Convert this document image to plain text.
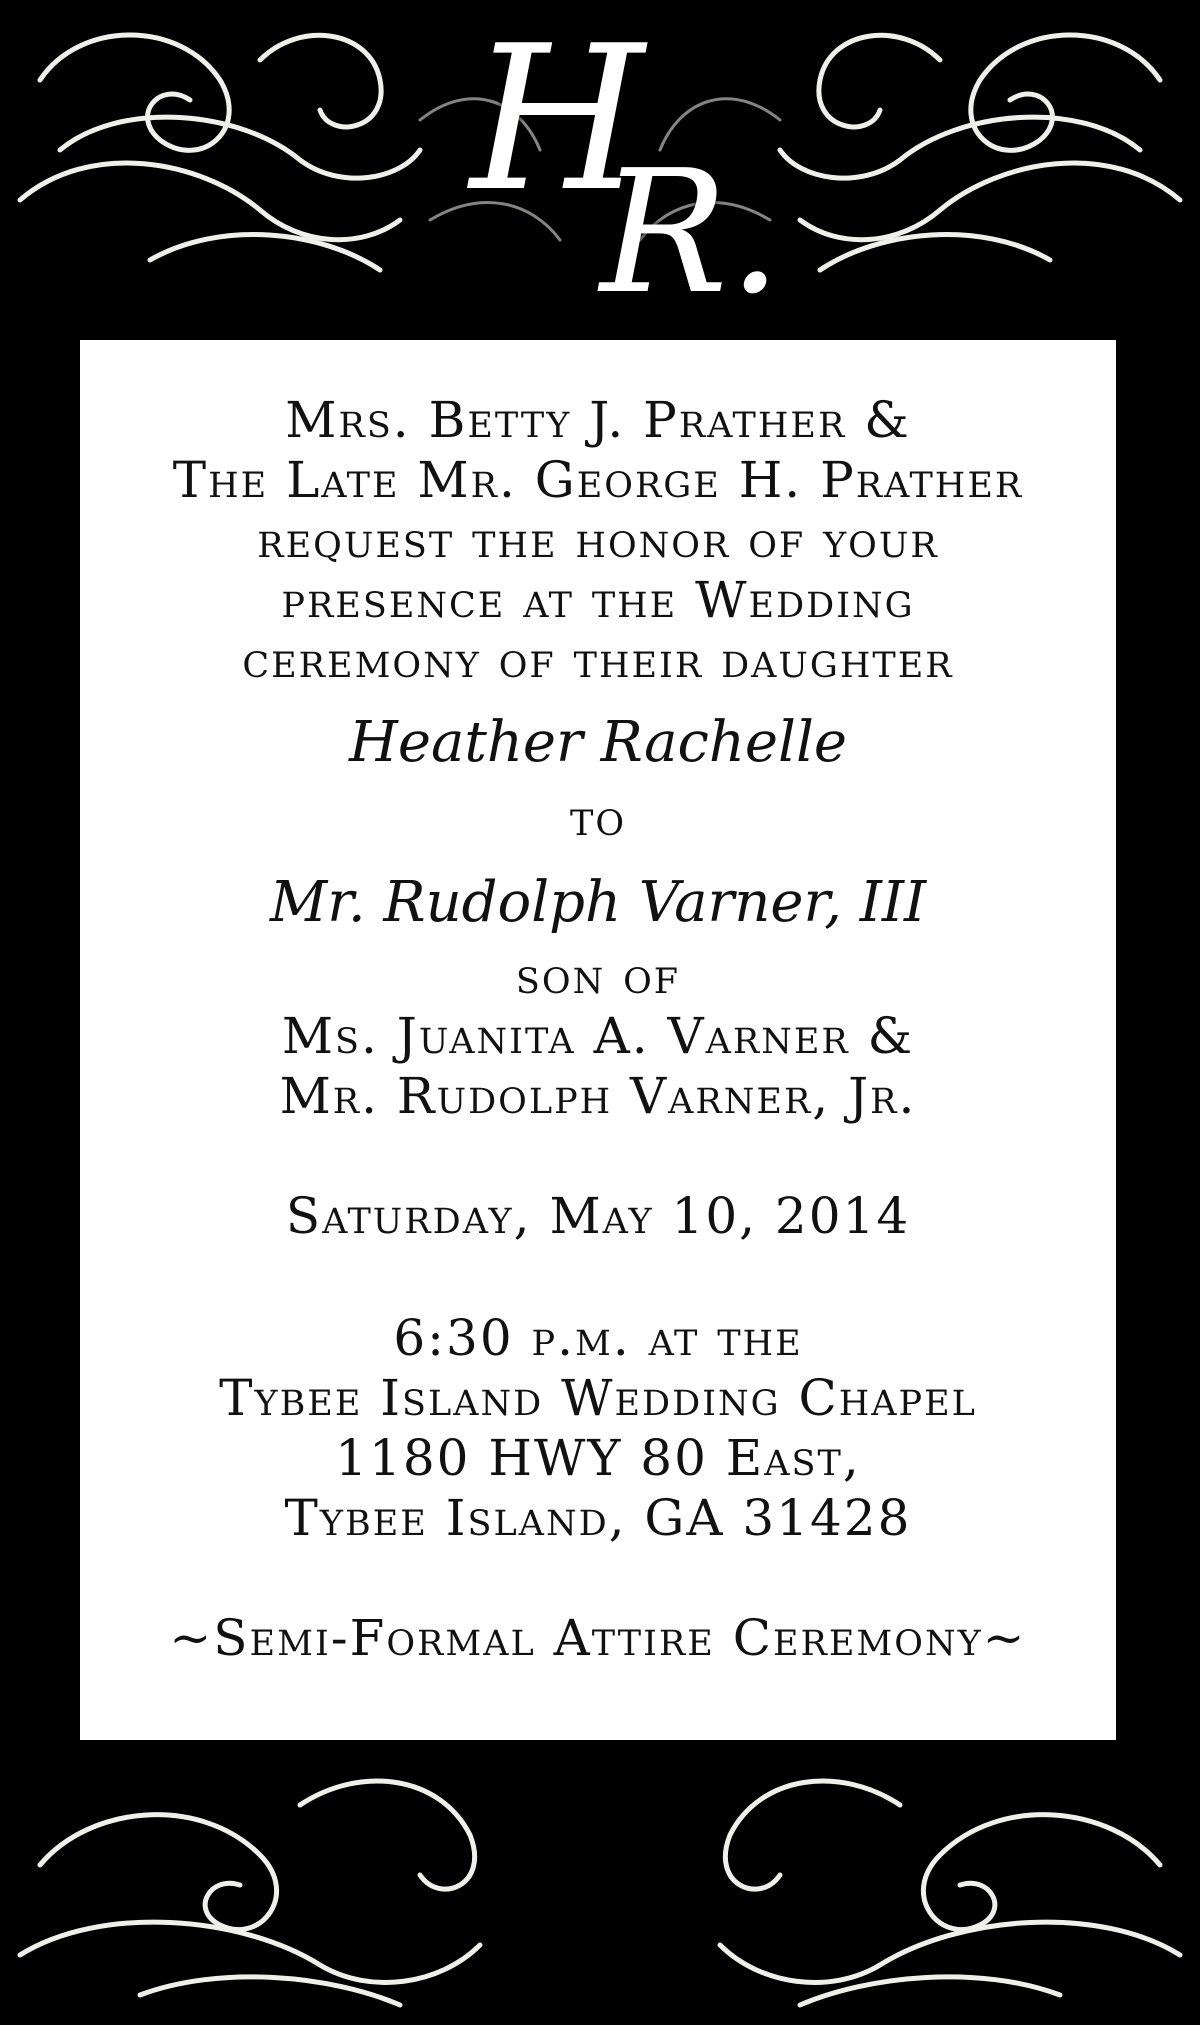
H
R.
Mrs. Betty J. Prather &
The Late Mr. George H. Prather
request the honor of your
presence at the Wedding
ceremony of their daughter
Heather Rachelle
to
Mr. Rudolph Varner, III
son of
Ms. Juanita A. Varner &
Mr. Rudolph Varner, Jr.
Saturday, May 10, 2014
6:30 p.m. at the
Tybee Island Wedding Chapel
1180 HWY 80 East,
Tybee Island, GA 31428
~Semi-Formal Attire Ceremony~
